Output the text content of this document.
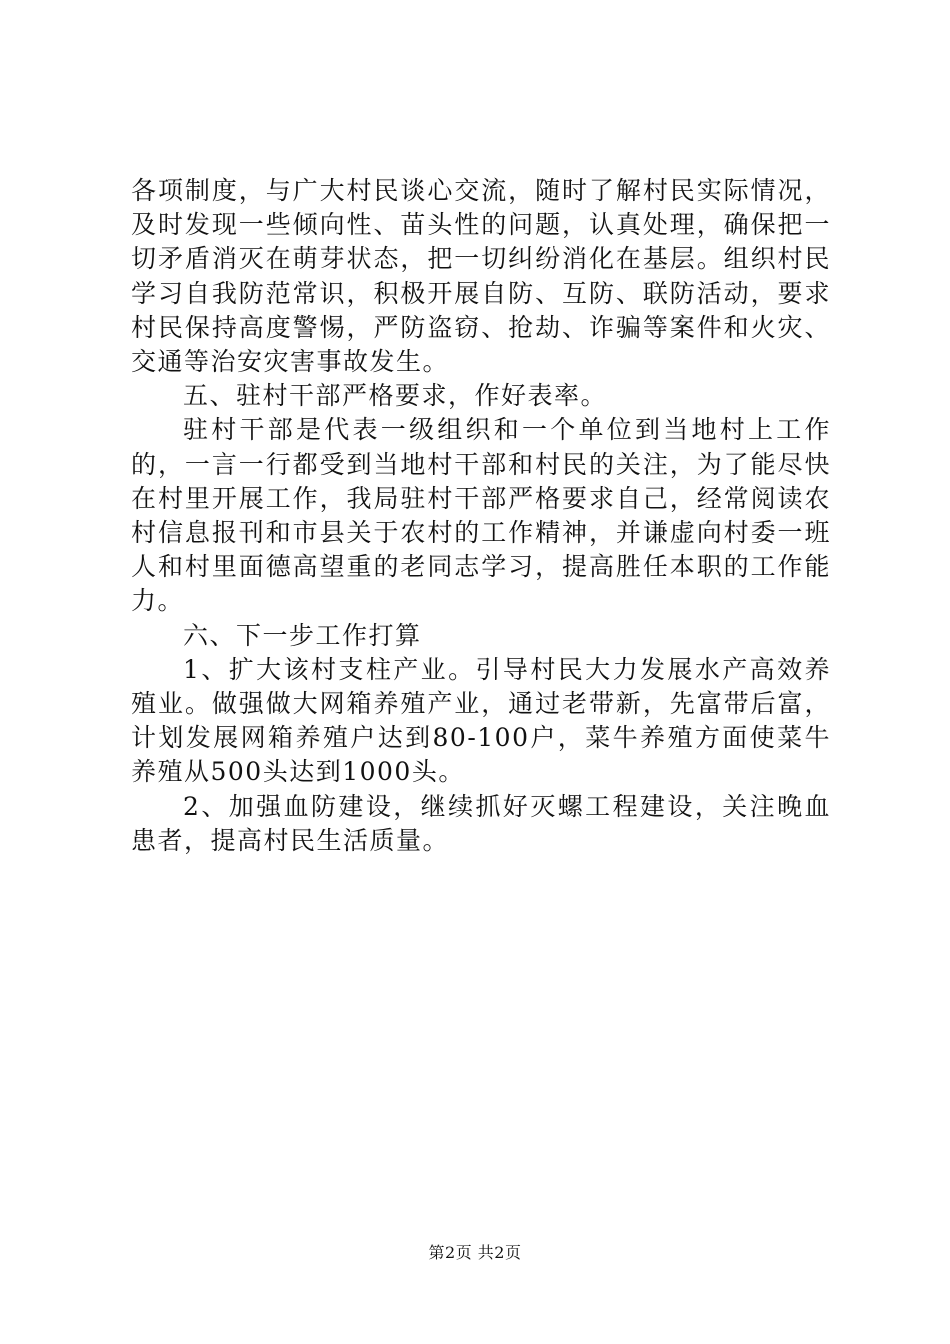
各项制度，与广大村民谈心交流，随时了解村民实际情况，及时发现一些倾向性、苗头性的问题，认真处理，确保把一切矛盾消灭在萌芽状态，把一切纠纷消化在基层。组织村民学习自我防范常识，积极开展自防、互防、联防活动，要求村民保持高度警惕，严防盗窃、抢劫、诈骗等案件和火灾、交通等治安灾害事故发生。

五、驻村干部严格要求，作好表率。

驻村干部是代表一级组织和一个单位到当地村上工作的，一言一行都受到当地村干部和村民的关注，为了能尽快在村里开展工作，我局驻村干部严格要求自己，经常阅读农村信息报刊和市县关于农村的工作精神，并谦虚向村委一班人和村里面德高望重的老同志学习，提高胜任本职的工作能力。

六、下一步工作打算

1、扩大该村支柱产业。引导村民大力发展水产高效养殖业。做强做大网箱养殖产业，通过老带新，先富带后富，计划发展网箱养殖户达到80-100户，菜牛养殖方面使菜牛养殖从500头达到1000头。

2、加强血防建设，继续抓好灭螺工程建设，关注晚血患者，提高村民生活质量。

第2页 共2页
